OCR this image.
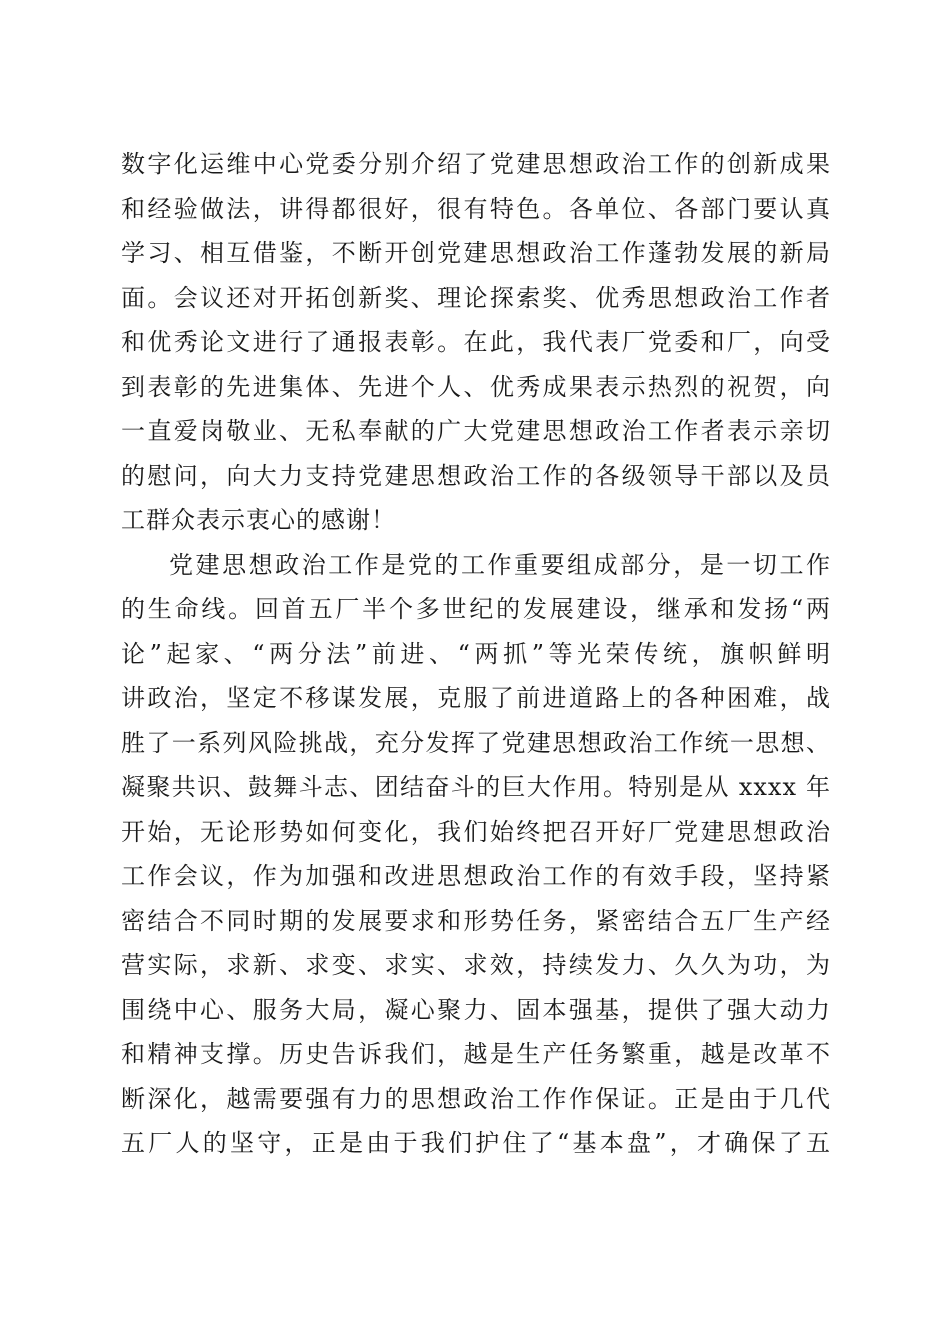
数字化运维中心党委分别介绍了党建思想政治工作的创新成果
和经验做法，讲得都很好，很有特色。各单位、各部门要认真
学习、相互借鉴，不断开创党建思想政治工作蓬勃发展的新局
面。会议还对开拓创新奖、理论探索奖、优秀思想政治工作者
和优秀论文进行了通报表彰。在此，我代表厂党委和厂，向受
到表彰的先进集体、先进个人、优秀成果表示热烈的祝贺，向
一直爱岗敬业、无私奉献的广大党建思想政治工作者表示亲切
的慰问，向大力支持党建思想政治工作的各级领导干部以及员
工群众表示衷心的感谢！
党建思想政治工作是党的工作重要组成部分，是一切工作
的生命线。回首五厂半个多世纪的发展建设，继承和发扬“两
论”起家、“两分法”前进、“两抓”等光荣传统，旗帜鲜明
讲政治，坚定不移谋发展，克服了前进道路上的各种困难，战
胜了一系列风险挑战，充分发挥了党建思想政治工作统一思想、
凝聚共识、鼓舞斗志、团结奋斗的巨大作用。特别是从 xxxx 年
开始，无论形势如何变化，我们始终把召开好厂党建思想政治
工作会议，作为加强和改进思想政治工作的有效手段，坚持紧
密结合不同时期的发展要求和形势任务，紧密结合五厂生产经
营实际，求新、求变、求实、求效，持续发力、久久为功，为
围绕中心、服务大局，凝心聚力、固本强基，提供了强大动力
和精神支撑。历史告诉我们，越是生产任务繁重，越是改革不
断深化，越需要强有力的思想政治工作作保证。正是由于几代
五厂人的坚守，正是由于我们护住了“基本盘”，才确保了五
